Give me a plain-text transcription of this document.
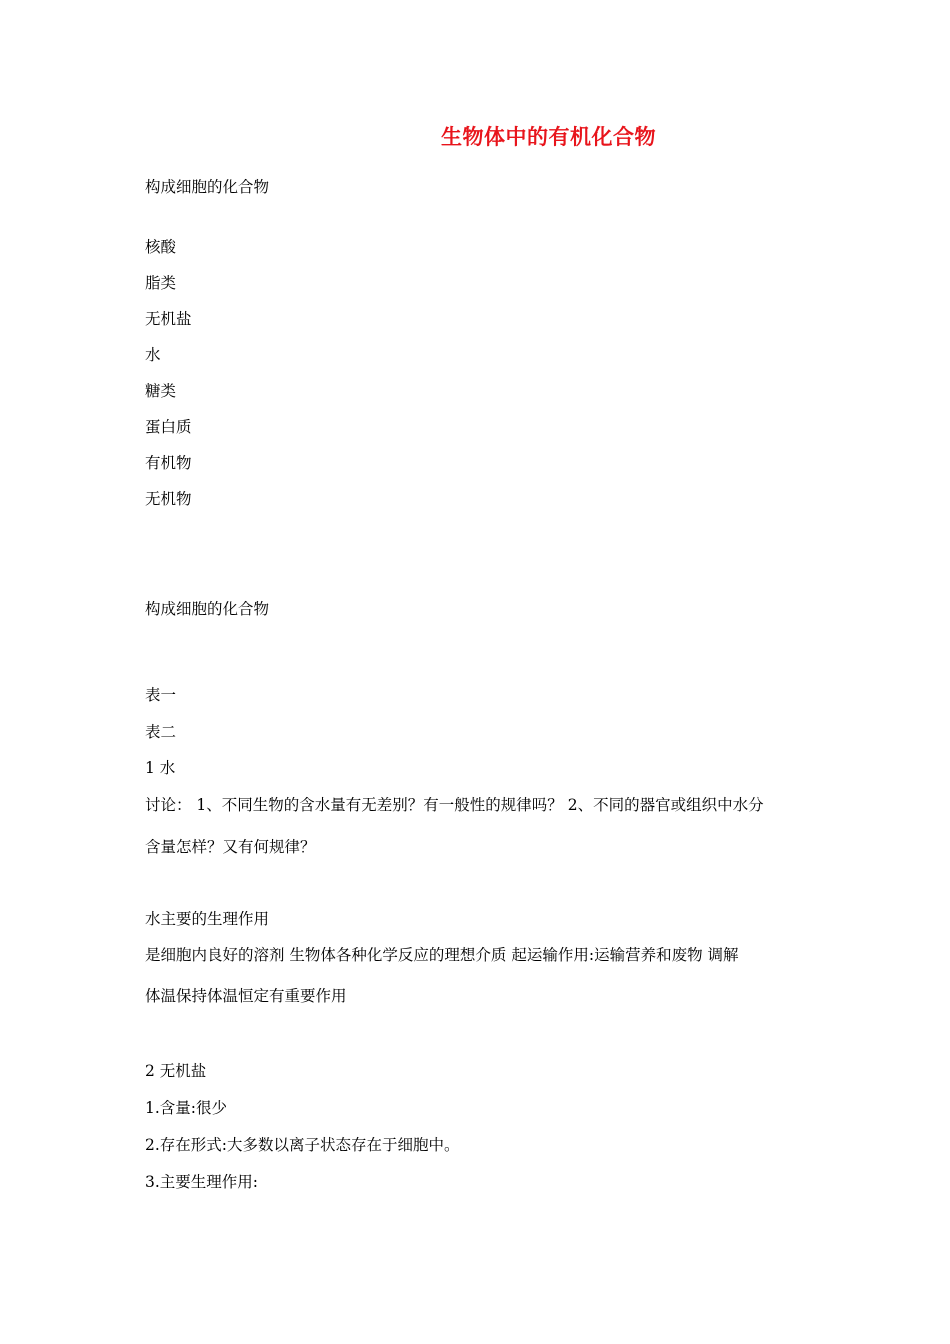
生物体中的有机化合物
构成细胞的化合物
核酸
脂类
无机盐
水
糖类
蛋白质
有机物
无机物
构成细胞的化合物
表一
表二
1 水
讨论： 1、不同生物的含水量有无差别？有一般性的规律吗？ 2、不同的器官或组织中水分
含量怎样？又有何规律？
水主要的生理作用
是细胞内良好的溶剂 生物体各种化学反应的理想介质 起运输作用:运输营养和废物 调解
体温保持体温恒定有重要作用
2 无机盐
1.含量:很少
2.存在形式:大多数以离子状态存在于细胞中。
3.主要生理作用:
